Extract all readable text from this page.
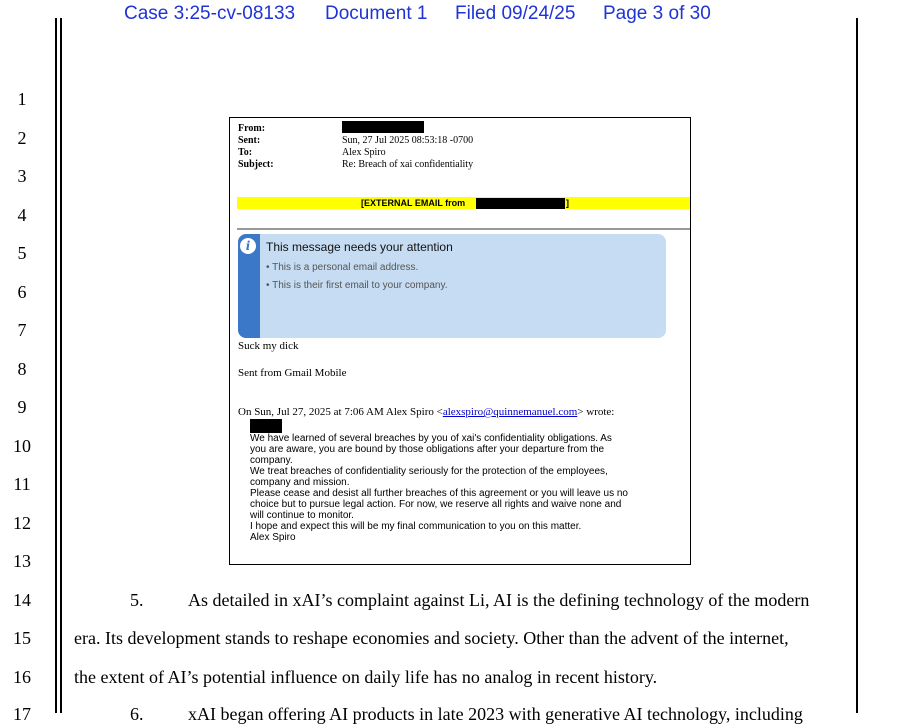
Case 3:25-cv-08133 Document 1 Filed 09/24/25 Page 3 of 30
1
2
3
4
5
6
7
8
9
10
11
12
13
14
15
16
17
From:
Sent:	Sun, 27 Jul 2025 08:53:18 -0700
To:	Alex Spiro
Subject:	Re: Breach of xai confidentiality
[EXTERNAL EMAIL from	]
i	This message needs your attention
• This is a personal email address.
• This is their first email to your company.
Suck my dick
Sent from Gmail Mobile
On Sun, Jul 27, 2025 at 7:06 AM Alex Spiro <alexspiro@quinnemanuel.com> wrote:
We have learned of several breaches by you of xai's confidentiality obligations. As
you are aware, you are bound by those obligations after your departure from the
company.
We treat breaches of confidentiality seriously for the protection of the employees,
company and mission.
Please cease and desist all further breaches of this agreement or you will leave us no
choice but to pursue legal action. For now, we reserve all rights and waive none and
will continue to monitor.
I hope and expect this will be my final communication to you on this matter.
Alex Spiro
5. As detailed in xAI’s complaint against Li, AI is the defining technology of the modern
era. Its development stands to reshape economies and society. Other than the advent of the internet,
the extent of AI’s potential influence on daily life has no analog in recent history.
6. xAI began offering AI products in late 2023 with generative AI technology, including
